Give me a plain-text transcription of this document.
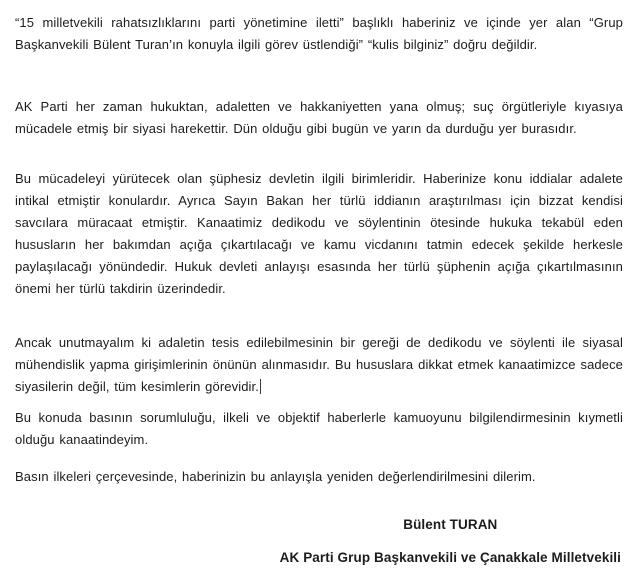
“15 milletvekili rahatsızlıklarını parti yönetimine iletti” başlıklı haberiniz ve içinde yer alan “Grup Başkanvekili Bülent Turan’ın konuyla ilgili görev üstlendiği” “kulis bilginiz” doğru değildir.

AK Parti her zaman hukuktan, adaletten ve hakkaniyetten yana olmuş; suç örgütleriyle kıyasıya mücadele etmiş bir siyasi harekettir. Dün olduğu gibi bugün ve yarın da durduğu yer burasıdır.

Bu mücadeleyi yürütecek olan şüphesiz devletin ilgili birimleridir. Haberinize konu iddialar adalete intikal etmiştir konulardır. Ayrıca Sayın Bakan her türlü iddianın araştırılması için bizzat kendisi savcılara müracaat etmiştir. Kanaatimiz dedikodu ve söylentinin ötesinde hukuka tekabül eden hususların her bakımdan açığa çıkartılacağı ve kamu vicdanını tatmin edecek şekilde herkesle paylaşılacağı yönündedir. Hukuk devleti anlayışı esasında her türlü şüphenin açığa çıkartılmasının önemi her türlü takdirin üzerindedir.

Ancak unutmayalım ki adaletin tesis edilebilmesinin bir gereği de dedikodu ve söylenti ile siyasal mühendislik yapma girişimlerinin önünün alınmasıdır. Bu hususlara dikkat etmek kanaatimizce sadece siyasilerin değil, tüm kesimlerin görevidir.

Bu konuda basının sorumluluğu, ilkeli ve objektif haberlerle kamuoyunu bilgilendirmesinin kıymetli olduğu kanaatindeyim.

Basın ilkeleri çerçevesinde, haberinizin bu anlayışla yeniden değerlendirilmesini dilerim.

Bülent TURAN

AK Parti Grup Başkanvekili ve Çanakkale Milletvekili
